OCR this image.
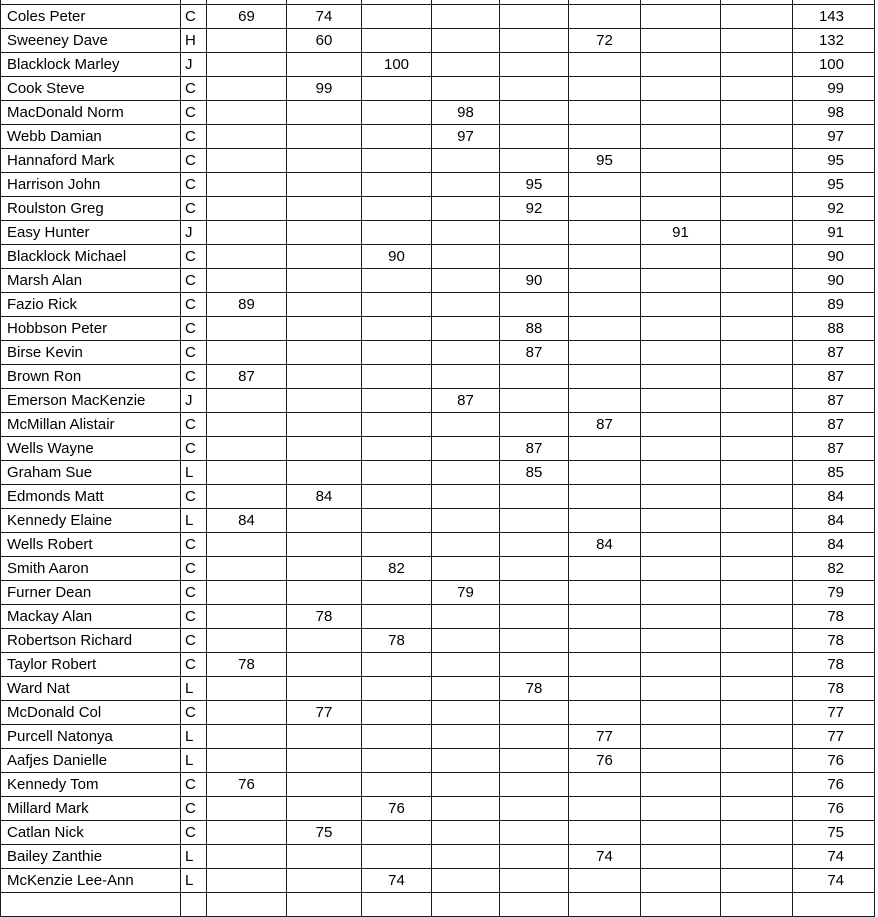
Coles Peter	C	69	74							143
Sweeney Dave	H		60				72			132
Blacklock Marley	J			100						100
Cook Steve	C		99							99
MacDonald Norm	C				98					98
Webb Damian	C				97					97
Hannaford Mark	C						95			95
Harrison John	C					95				95
Roulston Greg	C					92				92
Easy Hunter	J							91		91
Blacklock Michael	C			90						90
Marsh Alan	C					90				90
Fazio Rick	C	89								89
Hobbson Peter	C					88				88
Birse Kevin	C					87				87
Brown Ron	C	87								87
Emerson MacKenzie	J				87					87
McMillan Alistair	C						87			87
Wells Wayne	C					87				87
Graham Sue	L					85				85
Edmonds Matt	C		84							84
Kennedy Elaine	L	84								84
Wells Robert	C						84			84
Smith Aaron	C			82						82
Furner Dean	C				79					79
Mackay Alan	C		78							78
Robertson Richard	C			78						78
Taylor Robert	C	78								78
Ward Nat	L					78				78
McDonald Col	C		77							77
Purcell Natonya	L						77			77
Aafjes Danielle	L						76			76
Kennedy Tom	C	76								76
Millard Mark	C			76						76
Catlan Nick	C		75							75
Bailey Zanthie	L						74			74
McKenzie Lee-Ann	L			74						74
